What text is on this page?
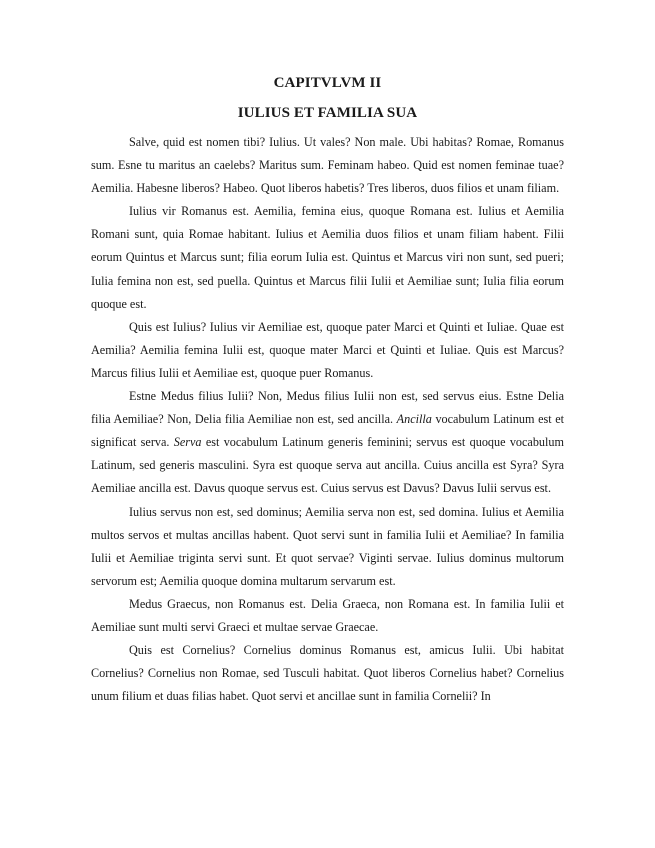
CAPITVLVM II
IULIUS ET FAMILIA SUA

Salve, quid est nomen tibi? Iulius. Ut vales? Non male. Ubi habitas? Romae, Romanus sum. Esne tu maritus an caelebs? Maritus sum. Feminam habeo. Quid est nomen feminae tuae? Aemilia. Habesne liberos? Habeo. Quot liberos habetis? Tres liberos, duos filios et unam filiam.

Iulius vir Romanus est. Aemilia, femina eius, quoque Romana est. Iulius et Aemilia Romani sunt, quia Romae habitant. Iulius et Aemilia duos filios et unam filiam habent. Filii eorum Quintus et Marcus sunt; filia eorum Iulia est. Quintus et Marcus viri non sunt, sed pueri; Iulia femina non est, sed puella. Quintus et Marcus filii Iulii et Aemiliae sunt; Iulia filia eorum quoque est.

Quis est Iulius? Iulius vir Aemiliae est, quoque pater Marci et Quinti et Iuliae. Quae est Aemilia? Aemilia femina Iulii est, quoque mater Marci et Quinti et Iuliae. Quis est Marcus? Marcus filius Iulii et Aemiliae est, quoque puer Romanus.

Estne Medus filius Iulii? Non, Medus filius Iulii non est, sed servus eius. Estne Delia filia Aemiliae? Non, Delia filia Aemiliae non est, sed ancilla. Ancilla vocabulum Latinum est et significat serva. Serva est vocabulum Latinum generis feminini; servus est quoque vocabulum Latinum, sed generis masculini. Syra est quoque serva aut ancilla. Cuius ancilla est Syra? Syra Aemiliae ancilla est. Davus quoque servus est. Cuius servus est Davus? Davus Iulii servus est.

Iulius servus non est, sed dominus; Aemilia serva non est, sed domina. Iulius et Aemilia multos servos et multas ancillas habent. Quot servi sunt in familia Iulii et Aemiliae? In familia Iulii et Aemiliae triginta servi sunt. Et quot servae? Viginti servae. Iulius dominus multorum servorum est; Aemilia quoque domina multarum servarum est.

Medus Graecus, non Romanus est. Delia Graeca, non Romana est. In familia Iulii et Aemiliae sunt multi servi Graeci et multae servae Graecae.

Quis est Cornelius? Cornelius dominus Romanus est, amicus Iulii. Ubi habitat Cornelius? Cornelius non Romae, sed Tusculi habitat. Quot liberos Cornelius habet? Cornelius unum filium et duas filias habet. Quot servi et ancillae sunt in familia Cornelii? In
